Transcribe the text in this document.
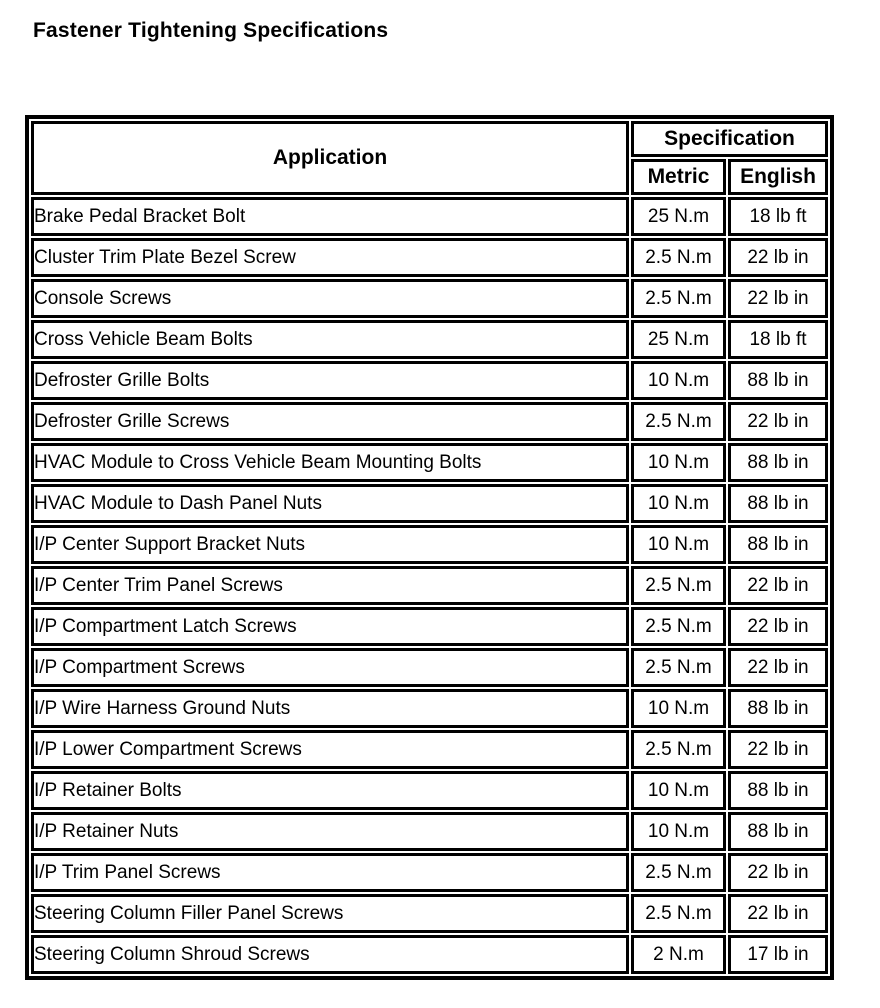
Fastener Tightening Specifications
Application	Specification	
	Metric	English
Brake Pedal Bracket Bolt	25 N.m	18 lb ft
Cluster Trim Plate Bezel Screw	2.5 N.m	22 lb in
Console Screws	2.5 N.m	22 lb in
Cross Vehicle Beam Bolts	25 N.m	18 lb ft
Defroster Grille Bolts	10 N.m	88 lb in
Defroster Grille Screws	2.5 N.m	22 lb in
HVAC Module to Cross Vehicle Beam Mounting Bolts	10 N.m	88 lb in
HVAC Module to Dash Panel Nuts	10 N.m	88 lb in
I/P Center Support Bracket Nuts	10 N.m	88 lb in
I/P Center Trim Panel Screws	2.5 N.m	22 lb in
I/P Compartment Latch Screws	2.5 N.m	22 lb in
I/P Compartment Screws	2.5 N.m	22 lb in
I/P Wire Harness Ground Nuts	10 N.m	88 lb in
I/P Lower Compartment Screws	2.5 N.m	22 lb in
I/P Retainer Bolts	10 N.m	88 lb in
I/P Retainer Nuts	10 N.m	88 lb in
I/P Trim Panel Screws	2.5 N.m	22 lb in
Steering Column Filler Panel Screws	2.5 N.m	22 lb in
Steering Column Shroud Screws	2 N.m	17 lb in
